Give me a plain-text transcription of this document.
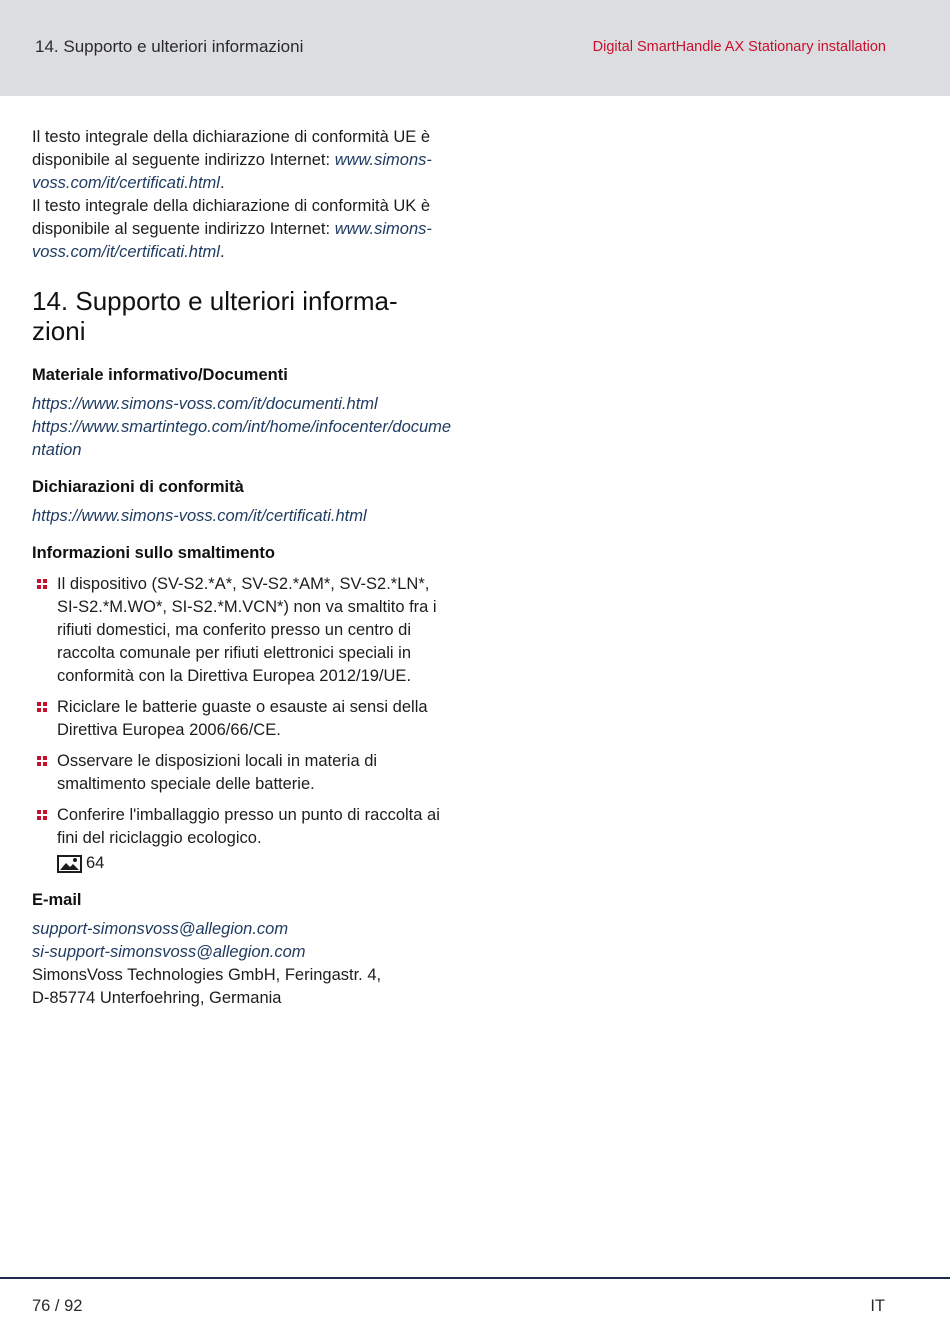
14. Supporto e ulteriori informazioni	Digital SmartHandle AX Stationary installation

Il testo integrale della dichiarazione di conformità UE è disponibile al seguente indirizzo Internet: www.simons-voss.com/it/certificati.html.

Il testo integrale della dichiarazione di conformità UK è disponibile al seguente indirizzo Internet: www.simons-voss.com/it/certificati.html.

14. Supporto e ulteriori informa-
zioni
Materiale informativo/Documenti

https://www.simons-voss.com/it/documenti.html

https://www.smartintego.com/int/home/infocenter/documentation

Dichiarazioni di conformità

https://www.simons-voss.com/it/certificati.html

Informazioni sullo smaltimento
Il dispositivo (SV-S2.*A*, SV-S2.*AM*, SV-S2.*LN*, SI-S2.*M.WO*, SI-S2.*M.VCN*) non va smaltito fra i rifiuti domestici, ma conferito presso un centro di raccolta comunale per rifiuti elettronici speciali in conformità con la Direttiva Europea 2012/19/UE.
Riciclare le batterie guaste o esauste ai sensi della Direttiva Europea 2006/66/CE.
Osservare le disposizioni locali in materia di smaltimento speciale delle batterie.
Conferire l'imballaggio presso un punto di raccolta ai fini del riciclaggio ecologico.
64
E-mail

support-simonsvoss@allegion.com

si-support-simonsvoss@allegion.com

SimonsVoss Technologies GmbH, Feringastr. 4,
D-85774 Unterfoehring, Germania

76 / 92	IT
